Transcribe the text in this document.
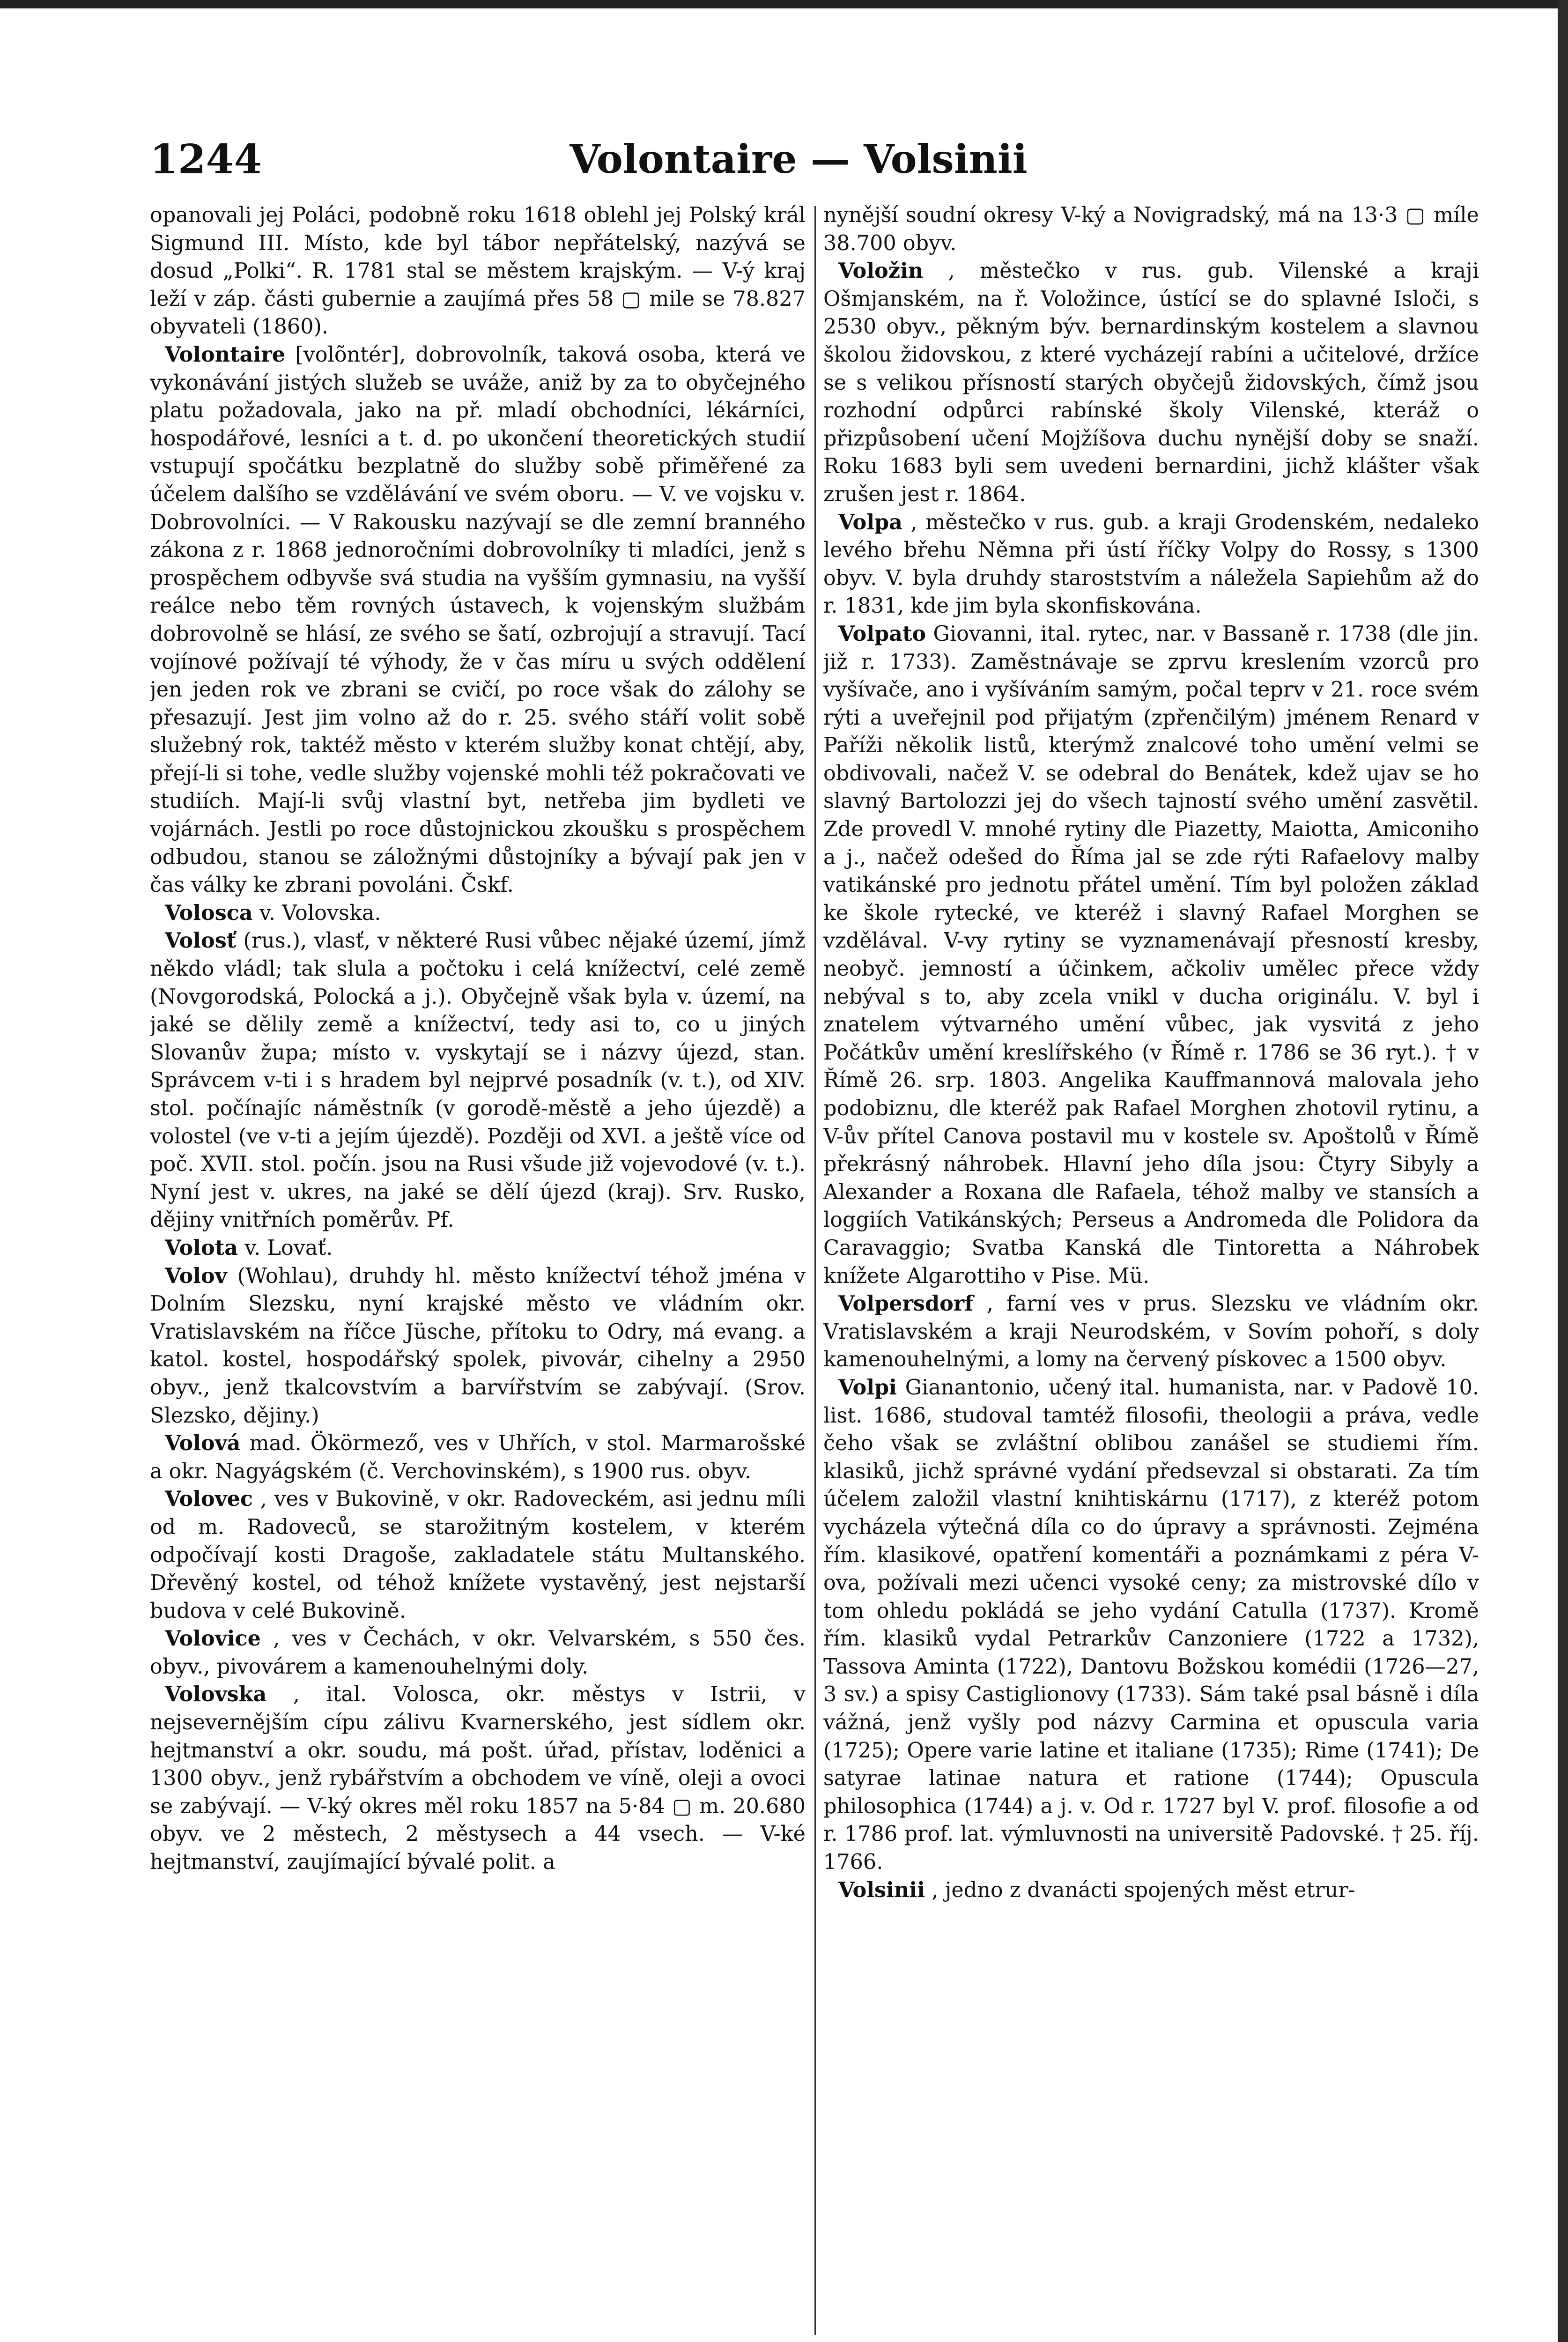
1244	Volontaire — Volsinii

opanovali jej Poláci, podobně roku 1618 oblehl jej Polský král Sigmund III. Místo, kde byl tábor nepřátelský, nazývá se dosud „Polki“. R. 1781 stal se městem krajským. — V-ý kraj leží v záp. části gubernie a zaujímá přes 58 ▢ mile se 78.827 obyvateli (1860).

Volontaire [volõntér], dobrovolník, taková osoba, která ve vykonávání jistých služeb se uváže, aniž by za to obyčejného platu požadovala, jako na př. mladí obchodníci, lékárníci, hospodářové, lesníci a t. d. po ukončení theoretických studií vstupují spočátku bezplatně do služby sobě přiměřené za účelem dalšího se vzdělávání ve svém oboru. — V. ve vojsku v. Dobrovolníci. — V Rakousku nazývají se dle zemní branného zákona z r. 1868 jednoročními dobrovolníky ti mladíci, jenž s prospěchem odbyvše svá studia na vyšším gymnasiu, na vyšší reálce nebo těm rovných ústavech, k vojenským službám dobrovolně se hlásí, ze svého se šatí, ozbrojují a stravují. Tací vojínové požívají té výhody, že v čas míru u svých oddělení jen jeden rok ve zbrani se cvičí, po roce však do zálohy se přesazují. Jest jim volno až do r. 25. svého stáří volit sobě služebný rok, taktéž město v kterém služby konat chtějí, aby, přejí-li si tohe, vedle služby vojenské mohli též pokračovati ve studiích. Mají-li svůj vlastní byt, netřeba jim bydleti ve vojárnách. Jestli po roce důstojnickou zkoušku s prospěchem odbudou, stanou se záložnými důstojníky a bývají pak jen v čas války ke zbrani povoláni. Čskf.

Volosca v. Volovska.

Volosť (rus.), vlasť, v některé Rusi vůbec nějaké území, jímž někdo vládl; tak slula a počtoku i celá knížectví, celé země (Novgorodská, Polocká a j.). Obyčejně však byla v. území, na jaké se dělily země a knížectví, tedy asi to, co u jiných Slovanův župa; místo v. vyskytají se i názvy újezd, stan. Správcem v-ti i s hradem byl nejprvé posadník (v. t.), od XIV. stol. počínajíc náměstník (v gorodě-městě a jeho újezdě) a volostel (ve v-ti a jejím újezdě). Později od XVI. a ještě více od poč. XVII. stol. počín. jsou na Rusi všude již vojevodové (v. t.). Nyní jest v. ukres, na jaké se dělí újezd (kraj). Srv. Rusko, dějiny vnitřních poměrův. Pf.

Volota v. Lovať.

Volov (Wohlau), druhdy hl. město knížectví téhož jména v Dolním Slezsku, nyní krajské město ve vládním okr. Vratislavském na říčce Jüsche, přítoku to Odry, má evang. a katol. kostel, hospodářský spolek, pivovár, cihelny a 2950 obyv., jenž tkalcovstvím a barvířstvím se zabývají. (Srov. Slezsko, dějiny.)

Volová mad. Ökörmező, ves v Uhřích, v stol. Marmarošské a okr. Nagyágském (č. Verchovinském), s 1900 rus. obyv.

Volovec , ves v Bukovině, v okr. Radoveckém, asi jednu míli od m. Radoveců, se starožitným kostelem, v kterém odpočívají kosti Dragoše, zakladatele státu Multanského. Dřevěný kostel, od téhož knížete vystavěný, jest nejstarší budova v celé Bukovině.

Volovice , ves v Čechách, v okr. Velvarském, s 550 čes. obyv., pivovárem a kamenouhelnými doly.

Volovska , ital. Volosca, okr. městys v Istrii, v nejsevernějším cípu zálivu Kvarnerského, jest sídlem okr. hejtmanství a okr. soudu, má pošt. úřad, přístav, loděnici a 1300 obyv., jenž rybářstvím a obchodem ve víně, oleji a ovoci se zabývají. — V-ký okres měl roku 1857 na 5·84 ▢ m. 20.680 obyv. ve 2 městech, 2 městysech a 44 vsech. — V-ké hejtmanství, zaujímající bývalé polit. a

nynější soudní okresy V-ký a Novigradský, má na 13·3 ▢ míle 38.700 obyv.

Voložin , městečko v rus. gub. Vilenské a kraji Ošmjanském, na ř. Voložince, ústící se do splavné Isloči, s 2530 obyv., pěkným býv. bernardinským kostelem a slavnou školou židovskou, z které vycházejí rabíni a učitelové, držíce se s velikou přísností starých obyčejů židovských, čímž jsou rozhodní odpůrci rabínské školy Vilenské, kteráž o přizpůsobení učení Mojžíšova duchu nynější doby se snaží. Roku 1683 byli sem uvedeni bernardini, jichž klášter však zrušen jest r. 1864.

Volpa , městečko v rus. gub. a kraji Grodenském, nedaleko levého břehu Němna při ústí říčky Volpy do Rossy, s 1300 obyv. V. byla druhdy staroststvím a náležela Sapiehům až do r. 1831, kde jim byla skonfiskována.

Volpato Giovanni, ital. rytec, nar. v Bassaně r. 1738 (dle jin. již r. 1733). Zaměstnávaje se zprvu kreslením vzorců pro vyšívače, ano i vyšíváním samým, počal teprv v 21. roce svém rýti a uveřejnil pod přijatým (zpřenčilým) jménem Renard v Paříži několik listů, kterýmž znalcové toho umění velmi se obdivovali, načež V. se odebral do Benátek, kdež ujav se ho slavný Bartolozzi jej do všech tajností svého umění zasvětil. Zde provedl V. mnohé rytiny dle Piazetty, Maiotta, Amiconiho a j., načež odešed do Říma jal se zde rýti Rafaelovy malby vatikánské pro jednotu přátel umění. Tím byl položen základ ke škole rytecké, ve kteréž i slavný Rafael Morghen se vzdělával. V-vy rytiny se vyznamenávají přesností kresby, neobyč. jemností a účinkem, ačkoliv umělec přece vždy nebýval s to, aby zcela vnikl v ducha originálu. V. byl i znatelem výtvarného umění vůbec, jak vysvitá z jeho Počátkův umění kreslířského (v Římě r. 1786 se 36 ryt.). † v Římě 26. srp. 1803. Angelika Kauffmannová malovala jeho podobiznu, dle kteréž pak Rafael Morghen zhotovil rytinu, a V-ův přítel Canova postavil mu v kostele sv. Apoštolů v Římě překrásný náhrobek. Hlavní jeho díla jsou: Čtyry Sibyly a Alexander a Roxana dle Rafaela, téhož malby ve stansích a loggiích Vatikánských; Perseus a Andromeda dle Polidora da Caravaggio; Svatba Kanská dle Tintoretta a Náhrobek knížete Algarottiho v Pise. Mü.

Volpersdorf , farní ves v prus. Slezsku ve vládním okr. Vratislavském a kraji Neurodském, v Sovím pohoří, s doly kamenouhelnými, a lomy na červený pískovec a 1500 obyv.

Volpi Gianantonio, učený ital. humanista, nar. v Padově 10. list. 1686, studoval tamtéž filosofii, theologii a práva, vedle čeho však se zvláštní oblibou zanášel se studiemi řím. klasiků, jichž správné vydání předsevzal si obstarati. Za tím účelem založil vlastní knihtiskárnu (1717), z kteréž potom vycházela výtečná díla co do úpravy a správnosti. Zejména řím. klasikové, opatření komentáři a poznámkami z péra V-ova, požívali mezi učenci vysoké ceny; za mistrovské dílo v tom ohledu pokládá se jeho vydání Catulla (1737). Kromě řím. klasiků vydal Petrarkův Canzoniere (1722 a 1732), Tassova Aminta (1722), Dantovu Božskou komédii (1726—27, 3 sv.) a spisy Castiglionovy (1733). Sám také psal básně i díla vážná, jenž vyšly pod názvy Carmina et opuscula varia (1725); Opere varie latine et italiane (1735); Rime (1741); De satyrae latinae natura et ratione (1744); Opuscula philosophica (1744) a j. v. Od r. 1727 byl V. prof. filosofie a od r. 1786 prof. lat. výmluvnosti na universitě Padovské. † 25. říj. 1766.

Volsinii , jedno z dvanácti spojených měst etrur-
